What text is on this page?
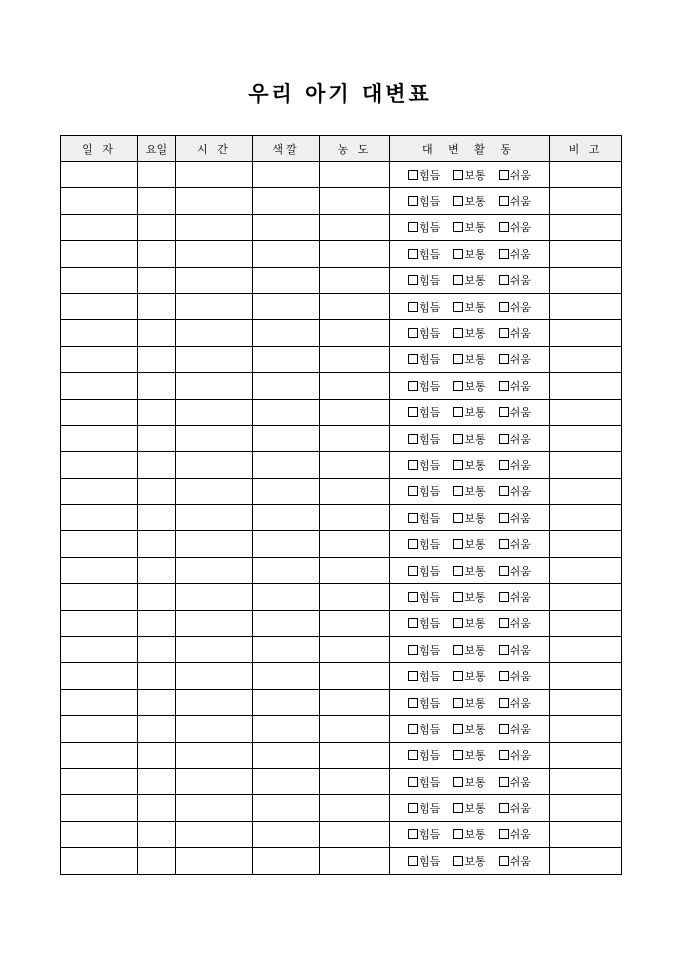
우리 아기 대변표
일 자	요일	시 간	색깔	농 도	대 변 활 동	비 고
					힘듬 보통 쉬움	
					힘듬 보통 쉬움	
					힘듬 보통 쉬움	
					힘듬 보통 쉬움	
					힘듬 보통 쉬움	
					힘듬 보통 쉬움	
					힘듬 보통 쉬움	
					힘듬 보통 쉬움	
					힘듬 보통 쉬움	
					힘듬 보통 쉬움	
					힘듬 보통 쉬움	
					힘듬 보통 쉬움	
					힘듬 보통 쉬움	
					힘듬 보통 쉬움	
					힘듬 보통 쉬움	
					힘듬 보통 쉬움	
					힘듬 보통 쉬움	
					힘듬 보통 쉬움	
					힘듬 보통 쉬움	
					힘듬 보통 쉬움	
					힘듬 보통 쉬움	
					힘듬 보통 쉬움	
					힘듬 보통 쉬움	
					힘듬 보통 쉬움	
					힘듬 보통 쉬움	
					힘듬 보통 쉬움	
					힘듬 보통 쉬움	
